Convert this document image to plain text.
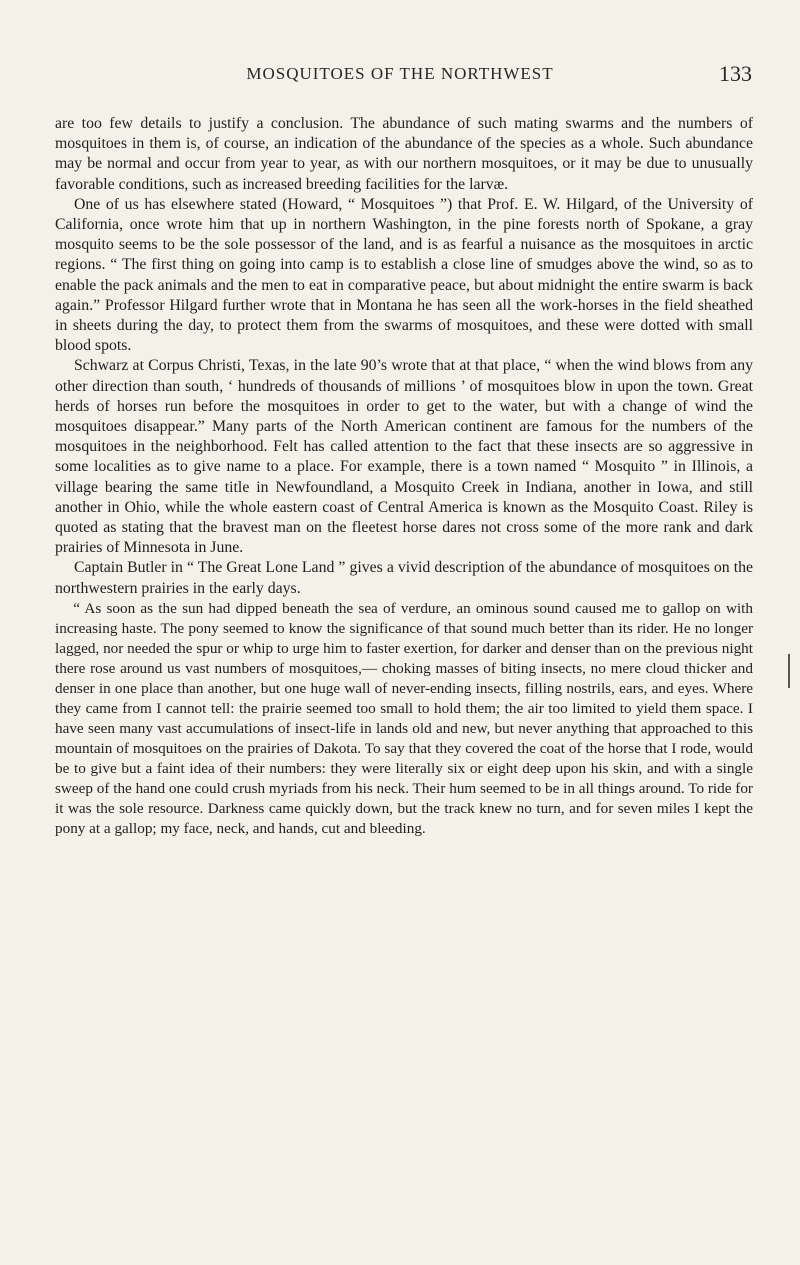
MOSQUITOES OF THE NORTHWEST	133

are too few details to justify a conclusion. The abundance of such mating swarms and the numbers of mosquitoes in them is, of course, an indication of the abundance of the species as a whole. Such abundance may be normal and occur from year to year, as with our northern mosquitoes, or it may be due to unusually favorable conditions, such as increased breeding facilities for the larvæ.

One of us has elsewhere stated (Howard, “ Mosquitoes ”) that Prof. E. W. Hilgard, of the University of California, once wrote him that up in northern Washington, in the pine forests north of Spokane, a gray mosquito seems to be the sole possessor of the land, and is as fearful a nuisance as the mosquitoes in arctic regions. “ The first thing on going into camp is to establish a close line of smudges above the wind, so as to enable the pack animals and the men to eat in comparative peace, but about midnight the entire swarm is back again.” Professor Hilgard further wrote that in Montana he has seen all the work-horses in the field sheathed in sheets during the day, to protect them from the swarms of mosquitoes, and these were dotted with small blood spots.

Schwarz at Corpus Christi, Texas, in the late 90’s wrote that at that place, “ when the wind blows from any other direction than south, ‘ hundreds of thousands of millions ’ of mosquitoes blow in upon the town. Great herds of horses run before the mosquitoes in order to get to the water, but with a change of wind the mosquitoes disappear.” Many parts of the North American continent are famous for the numbers of the mosquitoes in the neighborhood. Felt has called attention to the fact that these insects are so aggressive in some localities as to give name to a place. For example, there is a town named “ Mosquito ” in Illinois, a village bearing the same title in Newfoundland, a Mosquito Creek in Indiana, another in Iowa, and still another in Ohio, while the whole eastern coast of Central America is known as the Mosquito Coast. Riley is quoted as stating that the bravest man on the fleetest horse dares not cross some of the more rank and dark prairies of Minnesota in June.

Captain Butler in “ The Great Lone Land ” gives a vivid description of the abundance of mosquitoes on the northwestern prairies in the early days.

“ As soon as the sun had dipped beneath the sea of verdure, an ominous sound caused me to gallop on with increasing haste. The pony seemed to know the significance of that sound much better than its rider. He no longer lagged, nor needed the spur or whip to urge him to faster exertion, for darker and denser than on the previous night there rose around us vast numbers of mosquitoes,— choking masses of biting insects, no mere cloud thicker and denser in one place than another, but one huge wall of never-ending insects, filling nostrils, ears, and eyes. Where they came from I cannot tell: the prairie seemed too small to hold them; the air too limited to yield them space. I have seen many vast accumulations of insect-life in lands old and new, but never anything that approached to this mountain of mosquitoes on the prairies of Dakota. To say that they covered the coat of the horse that I rode, would be to give but a faint idea of their numbers: they were literally six or eight deep upon his skin, and with a single sweep of the hand one could crush myriads from his neck. Their hum seemed to be in all things around. To ride for it was the sole resource. Darkness came quickly down, but the track knew no turn, and for seven miles I kept the pony at a gallop; my face, neck, and hands, cut and bleeding.
